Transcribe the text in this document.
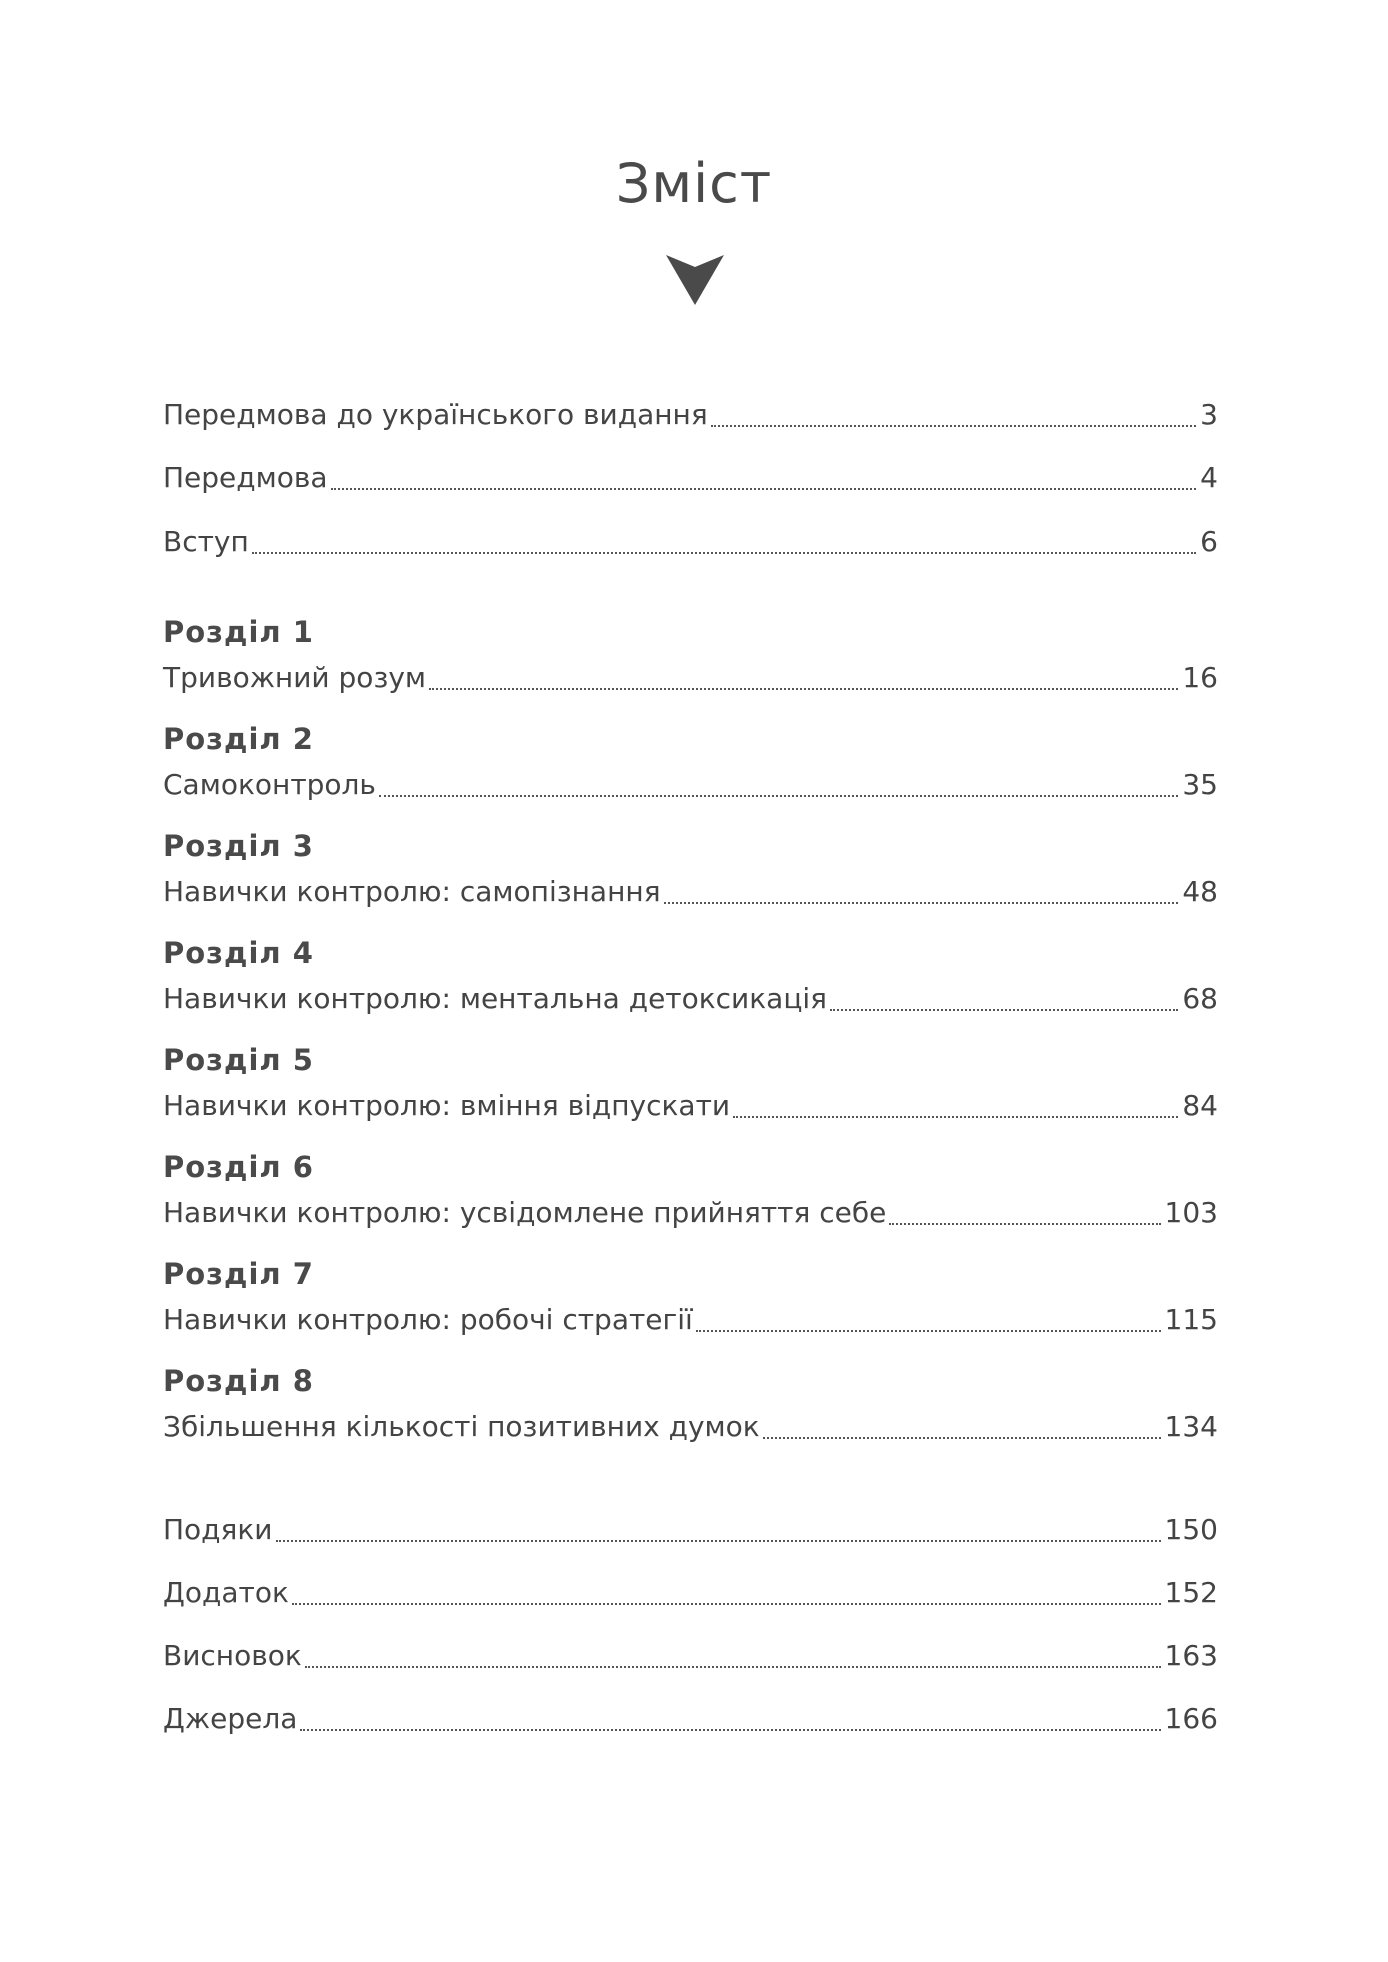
Зміст
Передмова до українського видання	3
Передмова	4
Вступ	6
Розділ 1
Тривожний розум	16
Розділ 2
Самоконтроль	35
Розділ 3
Навички контролю: самопізнання	48
Розділ 4
Навички контролю: ментальна детоксикація	68
Розділ 5
Навички контролю: вміння відпускати	84
Розділ 6
Навички контролю: усвідомлене прийняття себе	103
Розділ 7
Навички контролю: робочі стратегії	115
Розділ 8
Збільшення кількості позитивних думок	134
Подяки	150
Додаток	152
Висновок	163
Джерела	166
